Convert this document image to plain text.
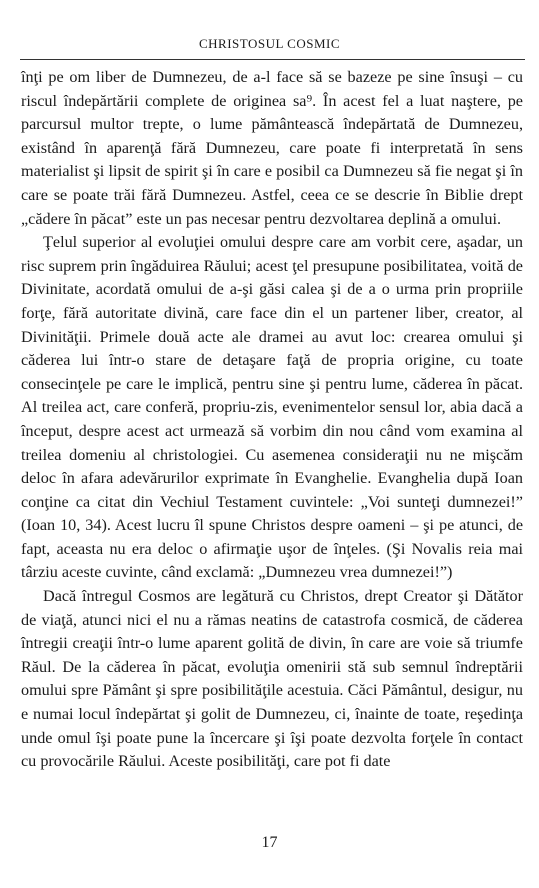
CHRISTOSUL COSMIC

înţi pe om liber de Dumnezeu, de a-l face să se bazeze pe sine însuşi – cu riscul îndepărtării complete de originea sa⁹. În acest fel a luat naştere, pe parcursul multor trepte, o lume pământească îndepărtată de Dumnezeu, existând în aparenţă fără Dumnezeu, care poate fi interpretată în sens materialist şi lipsit de spirit şi în care e posibil ca Dumnezeu să fie negat şi în care se poate trăi fără Dumnezeu. Astfel, ceea ce se descrie în Biblie drept „cădere în păcat” este un pas necesar pentru dezvoltarea deplină a omului.

Ţelul superior al evoluţiei omului despre care am vorbit cere, aşadar, un risc suprem prin îngăduirea Răului; acest ţel presupune posibilitatea, voită de Divinitate, acordată omului de a-şi găsi calea şi de a o urma prin propriile forţe, fără autoritate divină, care face din el un partener liber, creator, al Divinităţii. Primele două acte ale dramei au avut loc: crearea omului şi căderea lui într-o stare de detaşare faţă de propria origine, cu toate consecinţele pe care le implică, pentru sine şi pentru lume, căderea în păcat. Al treilea act, care conferă, propriu-zis, evenimentelor sensul lor, abia dacă a început, despre acest act urmează să vorbim din nou când vom examina al treilea domeniu al christologiei. Cu asemenea consideraţii nu ne mişcăm deloc în afara adevărurilor exprimate în Evanghelie. Evanghelia după Ioan conţine ca citat din Vechiul Testament cuvintele: „Voi sunteţi dumnezei!” (Ioan 10, 34). Acest lucru îl spune Christos despre oameni – şi pe atunci, de fapt, aceasta nu era deloc o afirmaţie uşor de înţeles. (Şi Novalis reia mai târziu aceste cuvinte, când exclamă: „Dumnezeu vrea dumnezei!”)

Dacă întregul Cosmos are legătură cu Christos, drept Creator şi Dătător de viaţă, atunci nici el nu a rămas neatins de catastrofa cosmică, de căderea întregii creaţii într-o lume aparent golită de divin, în care are voie să triumfe Răul. De la căderea în păcat, evoluţia omenirii stă sub semnul îndreptării omului spre Pământ şi spre posibilităţile acestuia. Căci Pământul, desigur, nu e numai locul îndepărtat şi golit de Dumnezeu, ci, înainte de toate, reşedinţa unde omul îşi poate pune la încercare şi îşi poate dezvolta forţele în contact cu provocările Răului. Aceste posibilităţi, care pot fi date

17
